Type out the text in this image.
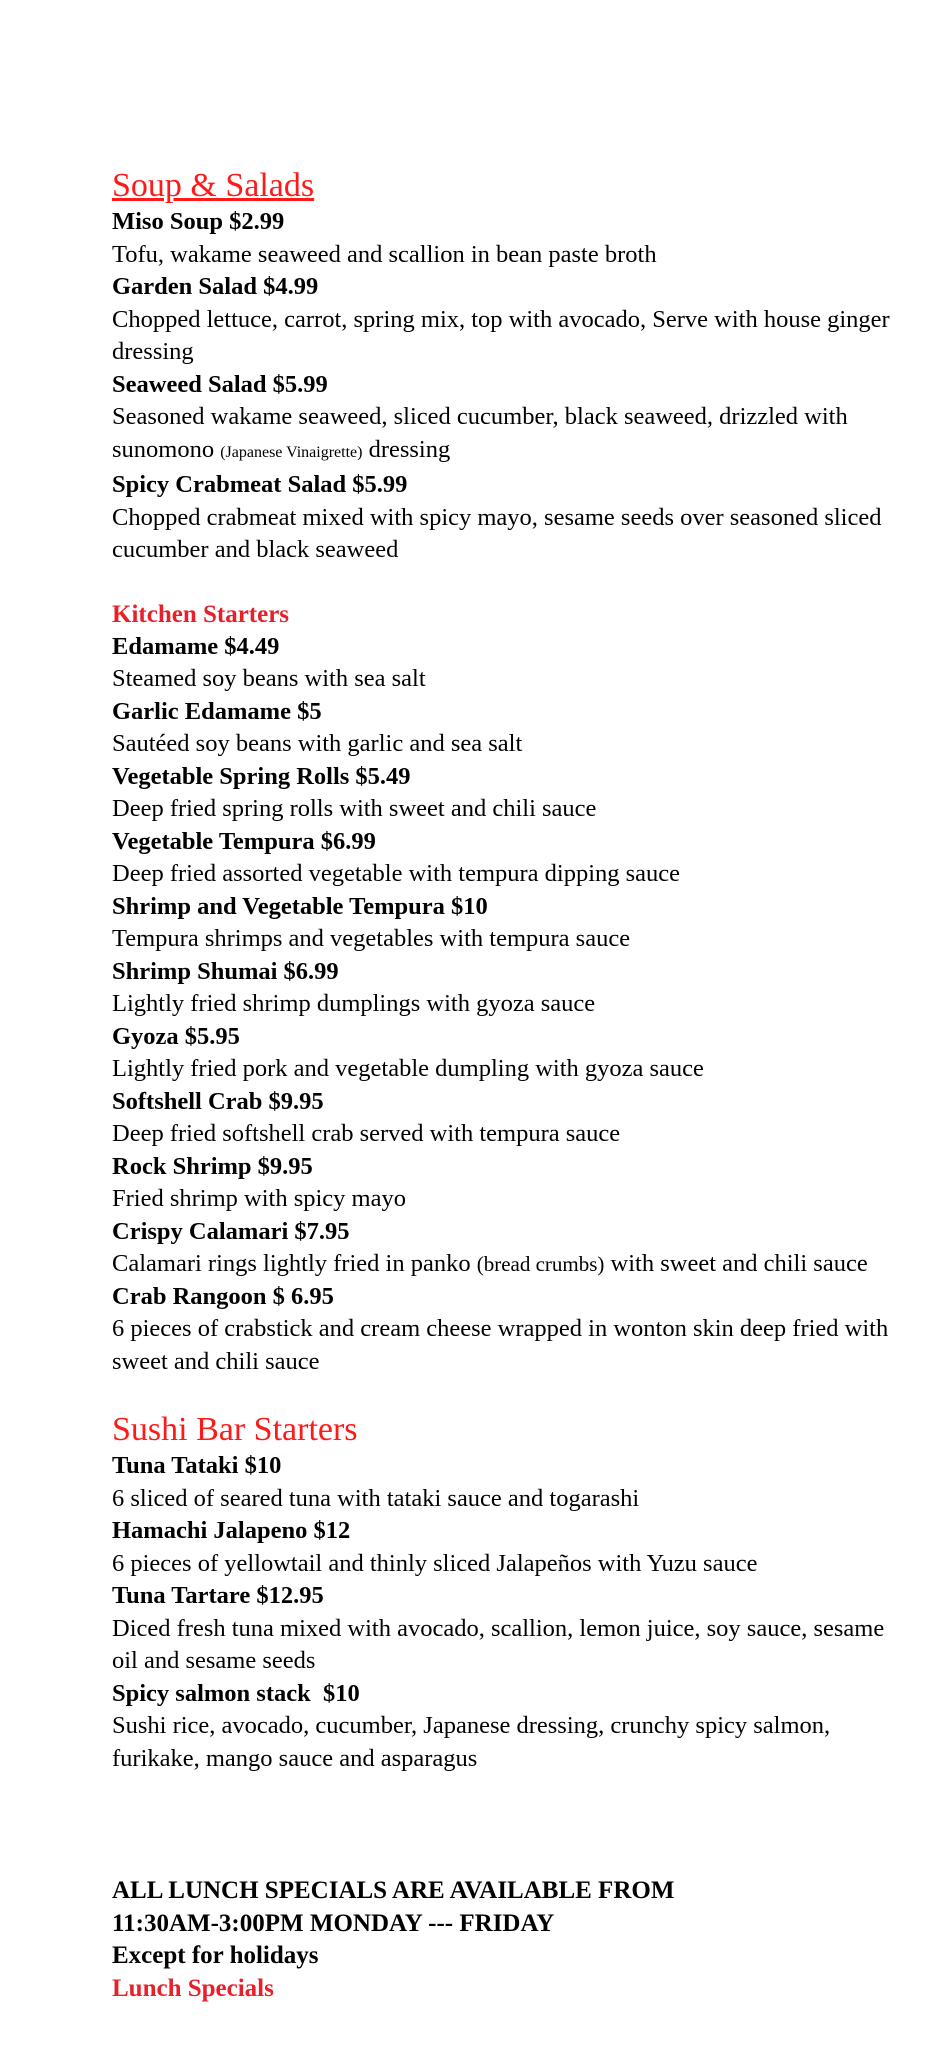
Soup & Salads
Miso Soup $2.99
Tofu, wakame seaweed and scallion in bean paste broth
Garden Salad $4.99
Chopped lettuce, carrot, spring mix, top with avocado, Serve with house ginger dressing
Seaweed Salad $5.99
Seasoned wakame seaweed, sliced cucumber, black seaweed, drizzled with sunomono (Japanese Vinaigrette) dressing
Spicy Crabmeat Salad $5.99
Chopped crabmeat mixed with spicy mayo, sesame seeds over seasoned sliced cucumber and black seaweed
Kitchen Starters
Edamame $4.49
Steamed soy beans with sea salt
Garlic Edamame $5
Sautéed soy beans with garlic and sea salt
Vegetable Spring Rolls $5.49
Deep fried spring rolls with sweet and chili sauce
Vegetable Tempura $6.99
Deep fried assorted vegetable with tempura dipping sauce
Shrimp and Vegetable Tempura $10
Tempura shrimps and vegetables with tempura sauce
Shrimp Shumai $6.99
Lightly fried shrimp dumplings with gyoza sauce
Gyoza $5.95
Lightly fried pork and vegetable dumpling with gyoza sauce
Softshell Crab $9.95
Deep fried softshell crab served with tempura sauce
Rock Shrimp $9.95
Fried shrimp with spicy mayo
Crispy Calamari $7.95
Calamari rings lightly fried in panko (bread crumbs) with sweet and chili sauce
Crab Rangoon $ 6.95
6 pieces of crabstick and cream cheese wrapped in wonton skin deep fried with sweet and chili sauce
Sushi Bar Starters
Tuna Tataki $10
6 sliced of seared tuna with tataki sauce and togarashi
Hamachi Jalapeno $12
6 pieces of yellowtail and thinly sliced Jalapeños with Yuzu sauce
Tuna Tartare $12.95
Diced fresh tuna mixed with avocado, scallion, lemon juice, soy sauce, sesame oil and sesame seeds
Spicy salmon stack  $10
Sushi rice, avocado, cucumber, Japanese dressing, crunchy spicy salmon, furikake, mango sauce and asparagus
ALL LUNCH SPECIALS ARE AVAILABLE FROM
11:30AM-3:00PM MONDAY --- FRIDAY
Except for holidays
Lunch Specials
